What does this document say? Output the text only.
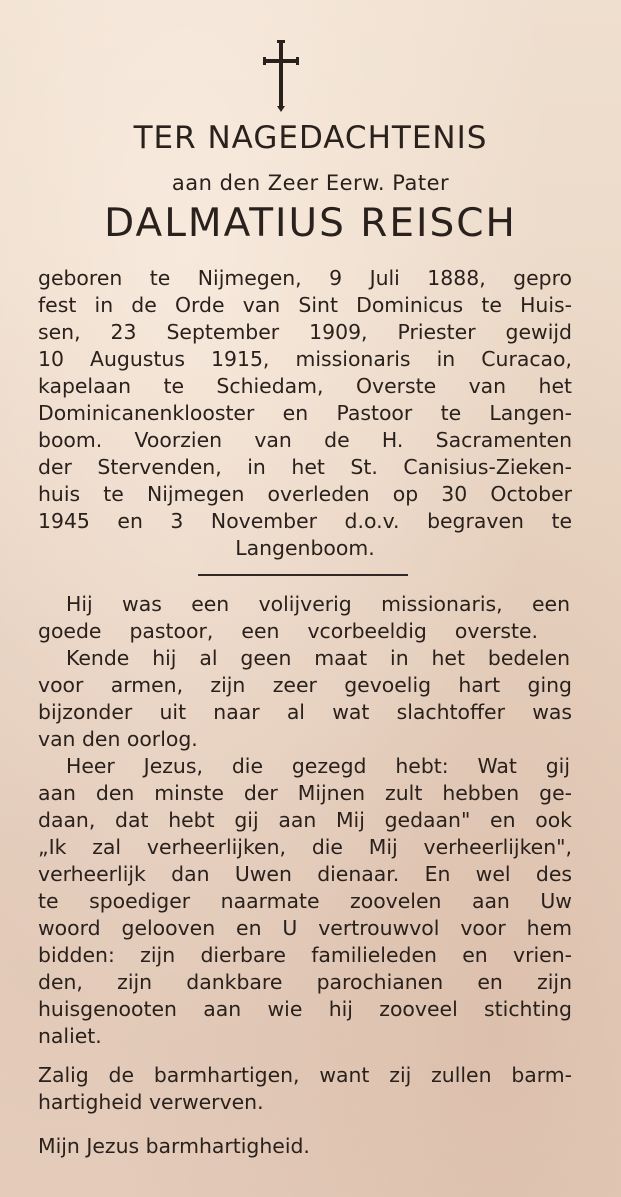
TER NAGEDACHTENIS
aan den Zeer Eerw. Pater
DALMATIUS REISCH
geboren te Nijmegen, 9 Juli 1888, gepro
fest in de Orde van Sint Dominicus te Huis-
sen, 23 September 1909, Priester gewijd
10 Augustus 1915, missionaris in Curacao,
kapelaan te Schiedam, Overste van het
Dominicanenklooster en Pastoor te Langen-
boom. Voorzien van de H. Sacramenten
der Stervenden, in het St. Canisius-Zieken-
huis te Nijmegen overleden op 30 October
1945 en 3 November d.o.v. begraven te
Langenboom.
Hij was een volijverig missionaris, een
goede pastoor, een vcorbeeldig overste.
Kende hij al geen maat in het bedelen
voor armen, zijn zeer gevoelig hart ging
bijzonder uit naar al wat slachtoffer was
van den oorlog.
Heer Jezus, die gezegd hebt: Wat gij
aan den minste der Mijnen zult hebben ge-
daan, dat hebt gij aan Mij gedaan" en ook
„Ik zal verheerlijken, die Mij verheerlijken",
verheerlijk dan Uwen dienaar. En wel des
te spoediger naarmate zoovelen aan Uw
woord gelooven en U vertrouwvol voor hem
bidden: zijn dierbare familieleden en vrien-
den, zijn dankbare parochianen en zijn
huisgenooten aan wie hij zooveel stichting
naliet.
Zalig de barmhartigen, want zij zullen barm-
hartigheid verwerven.
Mijn Jezus barmhartigheid.
